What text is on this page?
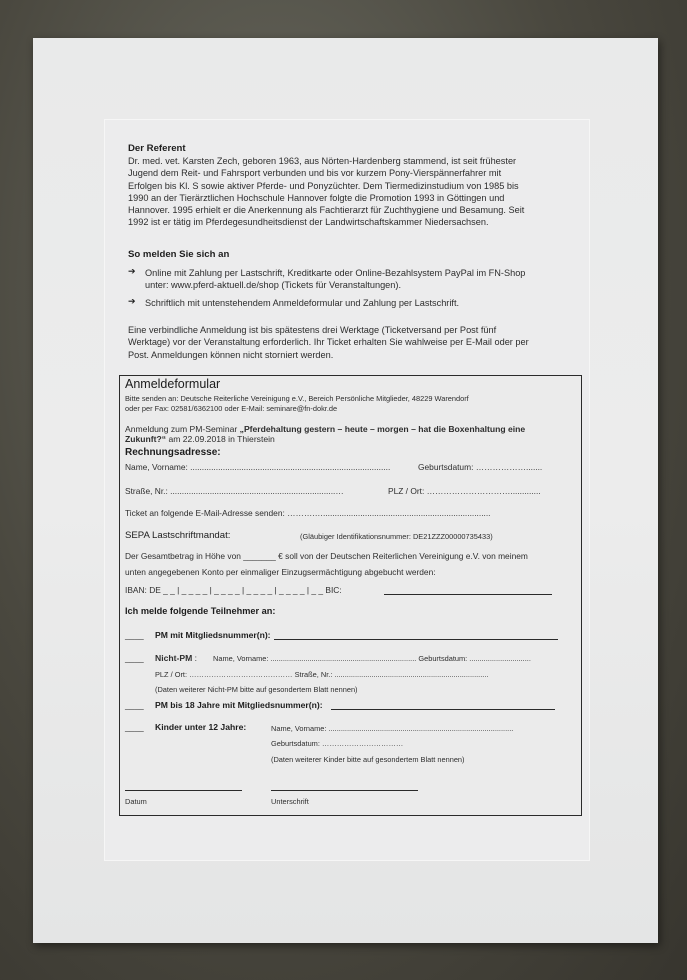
Der Referent
Dr. med. vet. Karsten Zech, geboren 1963, aus Nörten-Hardenberg stammend, ist seit frühester
Jugend dem Reit- und Fahrsport verbunden und bis vor kurzem Pony-Vierspännerfahrer mit
Erfolgen bis Kl. S sowie aktiver Pferde- und Ponyzüchter. Dem Tiermedizinstudium von 1985 bis
1990 an der Tierärztlichen Hochschule Hannover folgte die Promotion 1993 in Göttingen und
Hannover. 1995 erhielt er die Anerkennung als Fachtierarzt für Zuchthygiene und Besamung. Seit
1992 ist er tätig im Pferdegesundheitsdienst der Landwirtschaftskammer Niedersachsen.
So melden Sie sich an
➔ Online mit Zahlung per Lastschrift, Kreditkarte oder Online-Bezahlsystem PayPal im FN-Shop
unter: www.pferd-aktuell.de/shop (Tickets für Veranstaltungen).
➔ Schriftlich mit untenstehendem Anmeldeformular und Zahlung per Lastschrift.
Eine verbindliche Anmeldung ist bis spätestens drei Werktage (Ticketversand per Post fünf
Werktage) vor der Veranstaltung erforderlich. Ihr Ticket erhalten Sie wahlweise per E-Mail oder per
Post. Anmeldungen können nicht storniert werden.
Anmeldeformular
Bitte senden an: Deutsche Reiterliche Vereinigung e.V., Bereich Persönliche Mitglieder, 48229 Warendorf
oder per Fax: 02581/6362100 oder E-Mail: seminare@fn-dokr.de
Anmeldung zum PM-Seminar „Pferdehaltung gestern – heute – morgen – hat die Boxenhaltung eine
Zukunft?“ am 22.09.2018 in Thierstein
Rechnungsadresse:
Name, Vorname: ......................................................................................	Geburtsdatum: ……………….......
Straße, Nr.: .......................................................................…	PLZ / Ort: ………………………….............
Ticket an folgende E-Mail-Adresse senden: ……….…........................................................................
SEPA Lastschriftmandat:	(Gläubiger Identifikationsnummer: DE21ZZZ00000735433)
Der Gesamtbetrag in Höhe von _______ € soll von der Deutschen Reiterlichen Vereinigung e.V. von meinem
unten angegebenen Konto per einmaliger Einzugsermächtigung abgebucht werden:
IBAN: DE _ _ | _ _ _ _ | _ _ _ _ | _ _ _ _ | _ _ _ _ | _ _ BIC:
Ich melde folgende Teilnehmer an:
____ PM mit Mitgliedsnummer(n):
____ Nicht-PM : Name, Vorname: ....................................................................... Geburtsdatum: ..............................
PLZ / Ort: …………………………………… Straße, Nr.: ...........................................................................
(Daten weiterer Nicht-PM bitte auf gesondertem Blatt nennen)
____ PM bis 18 Jahre mit Mitgliedsnummer(n):
____ Kinder unter 12 Jahre:	Name, Vorname: ..........................................................................................
Geburtsdatum: ……………………………
(Daten weiterer Kinder bitte auf gesondertem Blatt nennen)
Datum	Unterschrift
